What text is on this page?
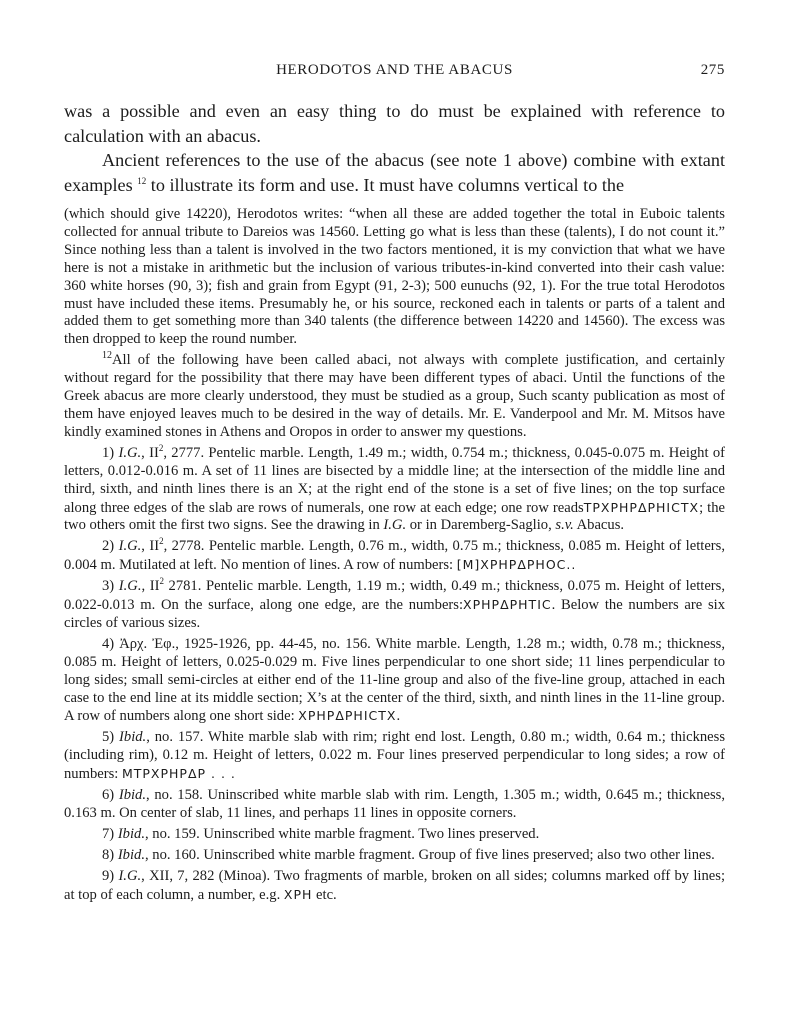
HERODOTOS AND THE ABACUS	275

was a possible and even an easy thing to do must be explained with reference to calculation with an abacus.

Ancient references to the use of the abacus (see note 1 above) combine with extant examples $^{12}$ to illustrate its form and use. It must have columns vertical to the

(which should give 14220), Herodotos writes: “when all these are added together the total in Euboic talents collected for annual tribute to Dareios was 14560. Letting go what is less than these (talents), I do not count it.” Since nothing less than a talent is involved in the two factors mentioned, it is my conviction that what we have here is not a mistake in arithmetic but the inclusion of various tributes-in-kind converted into their cash value: 360 white horses (90, 3); fish and grain from Egypt (91, 2-3); 500 eunuchs (92, 1). For the true total Herodotos must have included these items. Presumably he, or his source, reckoned each in talents or parts of a talent and added them to get something more than 340 talents (the difference between 14220 and 14560). The excess was then dropped to keep the round number.

$^{12}$All of the following have been called abaci, not always with complete justification, and certainly without regard for the possibility that there may have been different types of abaci. Until the functions of the Greek abacus are more clearly understood, they must be studied as a group, Such scanty publication as most of them have enjoyed leaves much to be desired in the way of details. Mr. E. Vanderpool and Mr. M. Mitsos have kindly examined stones in Athens and Oropos in order to answer my questions.

1) I.G., $II^2$, 2777. Pentelic marble. Length, 1.49 m.; width, 0.754 m.; thickness, 0.045-0.075 m. Height of letters, 0.012-0.016 m. A set of 11 lines are bisected by a middle line; at the intersection of the middle line and third, sixth, and ninth lines there is an X; at the right end of the stone is a set of five lines; on the top surface along three edges of the slab are rows of numerals, one row at each edge; one row readsΤΡΧΡΗΡΔΡΗΙCΤΧ; the two others omit the first two signs. See the drawing in I.G. or in Daremberg-Saglio, s.v. Abacus.

2) I.G., $II^2$, 2778. Pentelic marble. Length, 0.76 m., width, 0.75 m.; thickness, 0.085 m. Height of letters, 0.004 m. Mutilated at left. No mention of lines. A row of numbers: [M]ΧΡΗΡΔΡΗΟC..

3) I.G., $II^2$ 2781. Pentelic marble. Length, 1.19 m.; width, 0.49 m.; thickness, 0.075 m. Height of letters, 0.022-0.013 m. On the surface, along one edge, are the numbers:ΧΡΗΡΔΡΗΤΙC. Below the numbers are six circles of various sizes.

4) Ἀρχ. Ἐφ., 1925-1926, pp. 44-45, no. 156. White marble. Length, 1.28 m.; width, 0.78 m.; thickness, 0.085 m. Height of letters, 0.025-0.029 m. Five lines perpendicular to one short side; 11 lines perpendicular to long sides; small semi-circles at either end of the 11-line group and also of the five-line group, attached in each case to the end line at its middle section; X’s at the center of the third, sixth, and ninth lines in the 11-line group. A row of numbers along one short side: ΧΡΗΡΔΡΗΙCΤΧ.

5) Ibid., no. 157. White marble slab with rim; right end lost. Length, 0.80 m.; width, 0.64 m.; thickness (including rim), 0.12 m. Height of letters, 0.022 m. Four lines preserved perpendicular to long sides; a row of numbers: ΜΤΡΧΡΗΡΔΡ . . .

6) Ibid., no. 158. Uninscribed white marble slab with rim. Length, 1.305 m.; width, 0.645 m.; thickness, 0.163 m. On center of slab, 11 lines, and perhaps 11 lines in opposite corners.

7) Ibid., no. 159. Uninscribed white marble fragment. Two lines preserved.

8) Ibid., no. 160. Uninscribed white marble fragment. Group of five lines preserved; also two other lines.

9) I.G., XII, 7, 282 (Minoa). Two fragments of marble, broken on all sides; columns marked off by lines; at top of each column, a number, e.g. ΧΡΗ etc.
